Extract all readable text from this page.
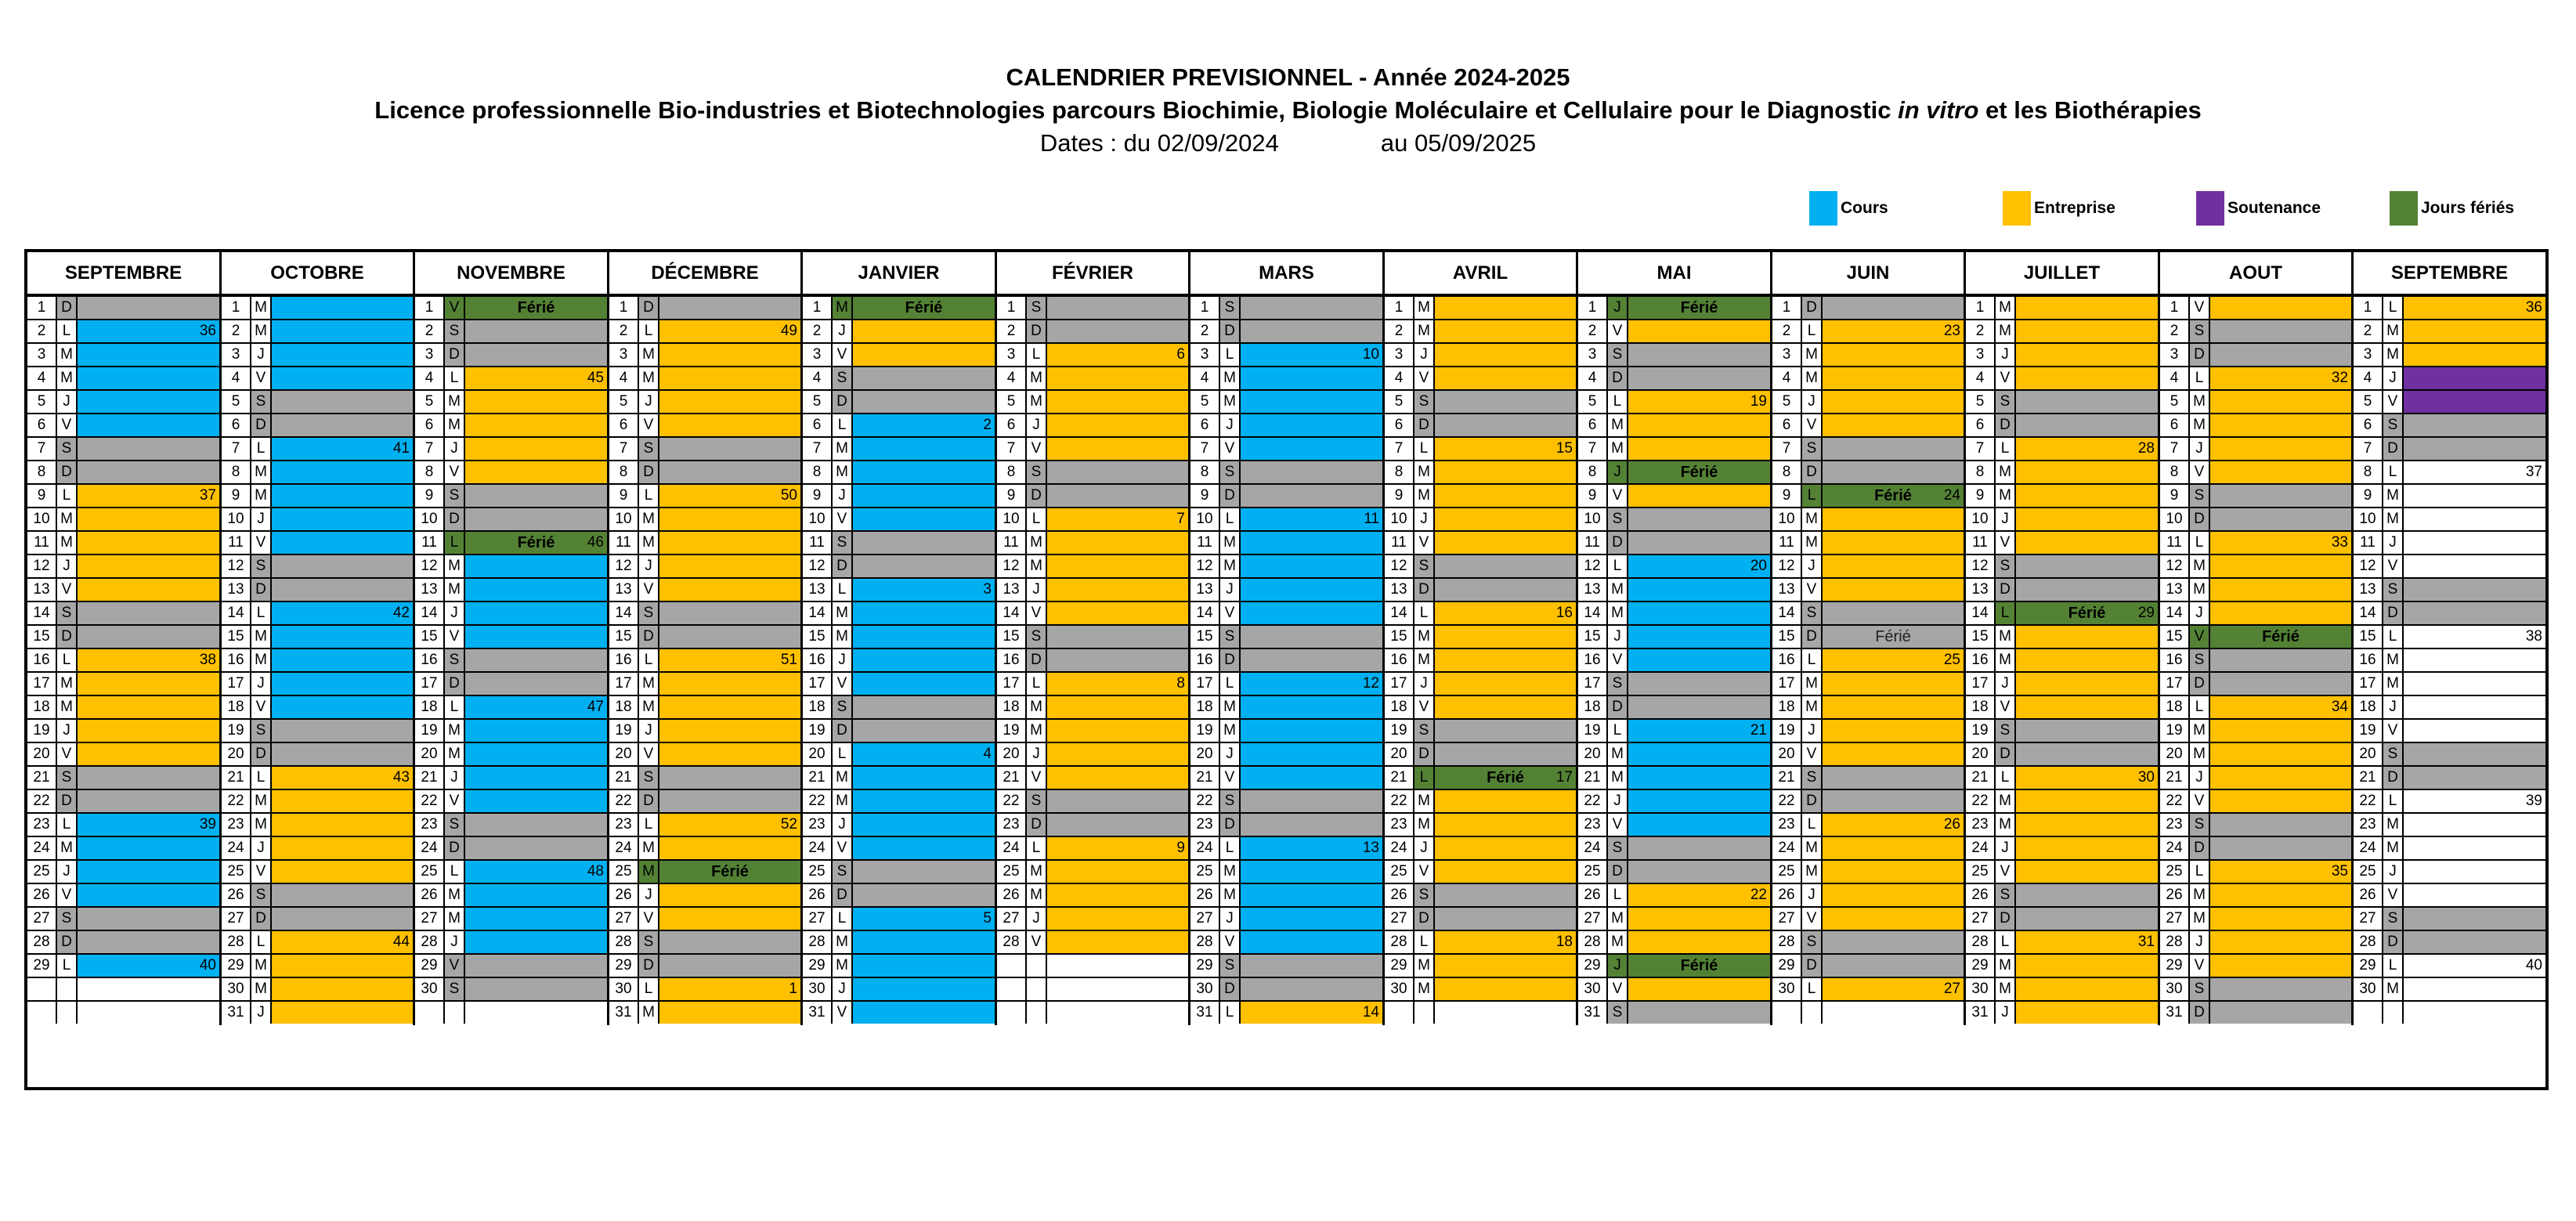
CALENDRIER PREVISIONNEL - Année 2024-2025
Licence professionnelle Bio-industries et Biotechnologies parcours Biochimie, Biologie Moléculaire et Cellulaire pour le Diagnostic in vitro et les Biothérapies
Dates : du 02/09/2024	au 05/09/2025
Cours	Entreprise	Soutenance	Jours fériés
SEPTEMBRE
1	D
2	L	36
3 M
4 M
5	J
6	V
7	S
8	D
9	L	37
10 M
11 M
12 J
13 V
14 S
15 D
16 L	38
17 M
18 M
19 J
20 V
21 S
22 D
23 L	39
24 M
25 J
26 V
27 S
28 D
29 L	40
OCTOBRE
1 M
2 M
3	J
4	V
5	S
6	D
7	L	41
8 M
9 M
10 J
11 V
12 S
13 D
14 L	42
15 M
16 M
17 J
18 V
19 S
20 D
21 L	43
22 M
23 M
24 J
25 V
26 S
27 D
28 L	44
29 M
30 M
31 J
NOVEMBRE
1	V	Férié
2	S
3	D
4	L	45
5 M
6 M
7	J
8	V
9	S
10 D
11 L	Férié	46
12 M
13 M
14 J
15 V
16 S
17 D
18 L	47
19 M
20 M
21 J
22 V
23 S
24 D
25 L	48
26 M
27 M
28 J
29 V
30 S
DÉCEMBRE
1	D
2	L	49
3 M
4 M
5	J
6	V
7	S
8	D
9	L	50
10 M
11 M
12 J
13 V
14 S
15 D
16 L	51
17 M
18 M
19 J
20 V
21 S
22 D
23 L	52
24 M
25 M	Férié
26 J
27 V
28 S
29 D
30 L	1
31 M
JANVIER
1 M	Férié
2	J
3	V
4	S
5	D
6	L	2
7 M
8 M
9	J
10 V
11 S
12 D
13 L	3
14 M
15 M
16 J
17 V
18 S
19 D
20 L	4
21 M
22 M
23 J
24 V
25 S
26 D
27 L	5
28 M
29 M
30 J
31 V
FÉVRIER
1	S
2	D
3	L	6
4 M
5 M
6	J
7	V
8	S
9	D
10 L	7
11 M
12 M
13 J
14 V
15 S
16 D
17 L	8
18 M
19 M
20 J
21 V
22 S
23 D
24 L	9
25 M
26 M
27 J
28 V
MARS
1	S
2	D
3	L	10
4 M
5 M
6	J
7	V
8	S
9	D
10 L	11
11 M
12 M
13 J
14 V
15 S
16 D
17 L	12
18 M
19 M
20 J
21 V
22 S
23 D
24 L	13
25 M
26 M
27 J
28 V
29 S
30 D
31 L	14
AVRIL
1 M
2 M
3	J
4	V
5	S
6	D
7	L	15
8 M
9 M
10 J
11 V
12 S
13 D
14 L	16
15 M
16 M
17 J
18 V
19 S
20 D
21 L	Férié	17
22 M
23 M
24 J
25 V
26 S
27 D
28 L	18
29 M
30 M
MAI
1	J	Férié
2	V
3	S
4	D
5	L	19
6 M
7 M
8	J	Férié
9	V
10 S
11 D
12 L	20
13 M
14 M
15 J
16 V
17 S
18 D
19 L	21
20 M
21 M
22 J
23 V
24 S
25 D
26 L	22
27 M
28 M
29 J	Férié
30 V
31 S
JUIN
1	D
2	L	23
3 M
4 M
5	J
6	V
7	S
8	D
9	L	Férié	24
10 M
11 M
12 J
13 V
14 S
15 D	Férié
16 L	25
17 M
18 M
19 J
20 V
21 S
22 D
23 L	26
24 M
25 M
26 J
27 V
28 S
29 D
30 L	27
JUILLET
1 M
2 M
3	J
4	V
5	S
6	D
7	L	28
8 M
9 M
10 J
11 V
12 S
13 D
14 L	Férié	29
15 M
16 M
17 J
18 V
19 S
20 D
21 L	30
22 M
23 M
24 J
25 V
26 S
27 D
28 L	31
29 M
30 M
31 J
AOUT
1	V
2	S
3	D
4	L	32
5 M
6 M
7	J
8	V
9	S
10 D
11 L	33
12 M
13 M
14 J
15 V	Férié
16 S
17 D
18 L	34
19 M
20 M
21 J
22 V
23 S
24 D
25 L	35
26 M
27 M
28 J
29 V
30 S
31 D
SEPTEMBRE
1	L	36
2 M
3 M
4	J
5	V
6	S
7	D
8	L	37
9 M
10 M
11 J
12 V
13 S
14 D
15 L	38
16 M
17 M
18 J
19 V
20 S
21 D
22 L	39
23 M
24 M
25 J
26 V
27 S
28 D
29 L	40
30 M
